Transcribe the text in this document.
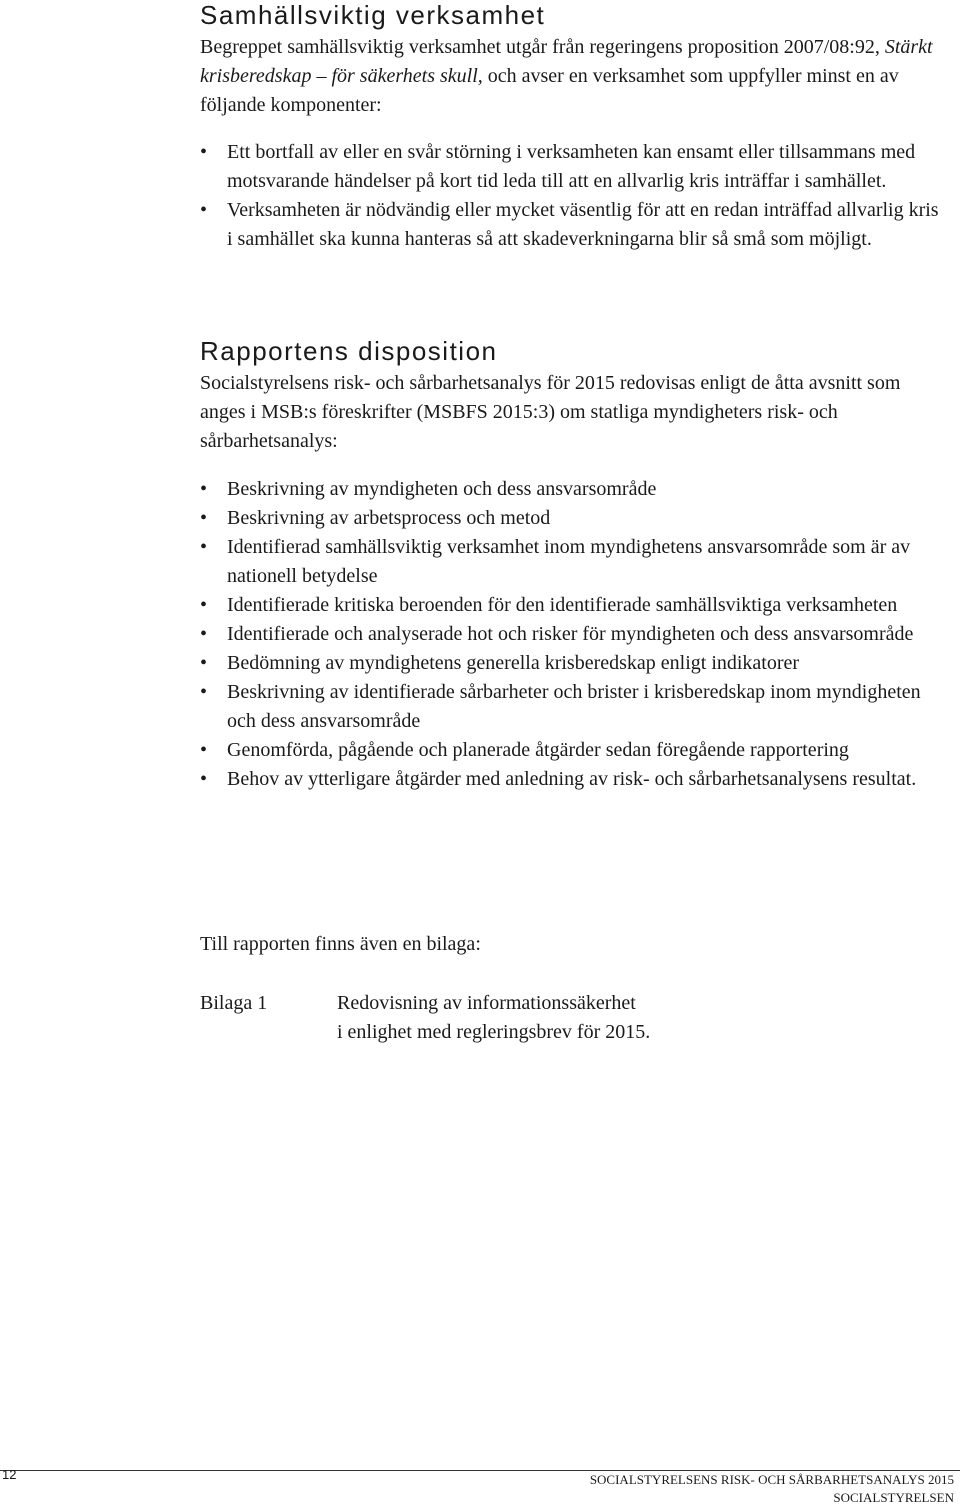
Samhällsviktig verksamhet

Begreppet samhällsviktig verksamhet utgår från regeringens proposition 2007/08:92, Stärkt krisberedskap – för säkerhets skull, och avser en verksamhet som uppfyller minst en av följande komponenter:

• Ett bortfall av eller en svår störning i verksamheten kan ensamt eller tillsammans med motsvarande händelser på kort tid leda till att en allvarlig kris inträffar i samhället.
• Verksamheten är nödvändig eller mycket väsentlig för att en redan inträffad allvarlig kris i samhället ska kunna hanteras så att skadeverkningarna blir så små som möjligt.
Rapportens disposition

Socialstyrelsens risk- och sårbarhetsanalys för 2015 redovisas enligt de åtta avsnitt som anges i MSB:s föreskrifter (MSBFS 2015:3) om statliga myndigheters risk- och sårbarhetsanalys:

• Beskrivning av myndigheten och dess ansvarsområde
• Beskrivning av arbetsprocess och metod
• Identifierad samhällsviktig verksamhet inom myndighetens ansvarsområde som är av nationell betydelse
• Identifierade kritiska beroenden för den identifierade samhällsviktiga verksamheten
• Identifierade och analyserade hot och risker för myndigheten och dess ansvarsområde
• Bedömning av myndighetens generella krisberedskap enligt indikatorer
• Beskrivning av identifierade sårbarheter och brister i krisberedskap inom myndigheten och dess ansvarsområde
• Genomförda, pågående och planerade åtgärder sedan föregående rapportering
• Behov av ytterligare åtgärder med anledning av risk- och sårbarhetsanalysens resultat.

Till rapporten finns även en bilaga:

Bilaga 1	Redovisning av informationssäkerhet
i enlighet med regleringsbrev för 2015.
12	SOCIALSTYRELSENS RISK- OCH SÅRBARHETSANALYS 2015
SOCIALSTYRELSEN
